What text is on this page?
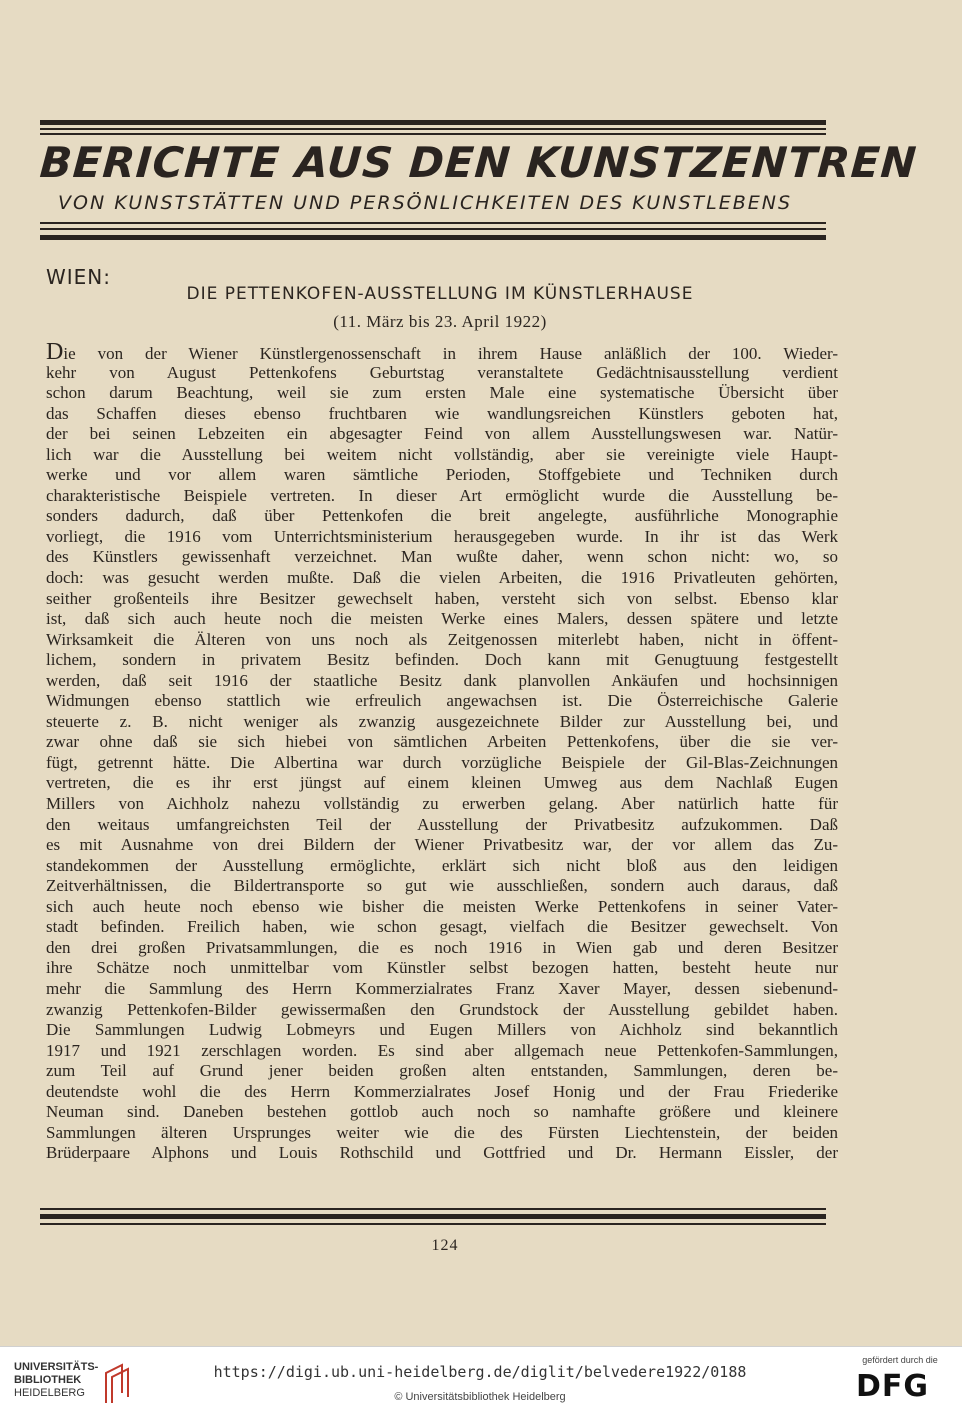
BERICHTE AUS DEN KUNSTZENTREN
VON KUNSTSTÄTTEN UND PERSÖNLICHKEITEN DES KUNSTLEBENS
WIEN:
DIE PETTENKOFEN-AUSSTELLUNG IM KÜNSTLERHAUSE
(11. März bis 23. April 1922)
Die von der Wiener Künstlergenossenschaft in ihrem Hause anläßlich der 100. Wieder-
kehr von August Pettenkofens Geburtstag veranstaltete Gedächtnisausstellung verdient
schon darum Beachtung, weil sie zum ersten Male eine systematische Übersicht über
das Schaffen dieses ebenso fruchtbaren wie wandlungsreichen Künstlers geboten hat,
der bei seinen Lebzeiten ein abgesagter Feind von allem Ausstellungswesen war. Natür-
lich war die Ausstellung bei weitem nicht vollständig, aber sie vereinigte viele Haupt-
werke und vor allem waren sämtliche Perioden, Stoffgebiete und Techniken durch
charakteristische Beispiele vertreten. In dieser Art ermöglicht wurde die Ausstellung be-
sonders dadurch, daß über Pettenkofen die breit angelegte, ausführliche Monographie
vorliegt, die 1916 vom Unterrichtsministerium herausgegeben wurde. In ihr ist das Werk
des Künstlers gewissenhaft verzeichnet. Man wußte daher, wenn schon nicht: wo, so
doch: was gesucht werden mußte. Daß die vielen Arbeiten, die 1916 Privatleuten gehörten,
seither großenteils ihre Besitzer gewechselt haben, versteht sich von selbst. Ebenso klar
ist, daß sich auch heute noch die meisten Werke eines Malers, dessen spätere und letzte
Wirksamkeit die Älteren von uns noch als Zeitgenossen miterlebt haben, nicht in öffent-
lichem, sondern in privatem Besitz befinden. Doch kann mit Genugtuung festgestellt
werden, daß seit 1916 der staatliche Besitz dank planvollen Ankäufen und hochsinnigen
Widmungen ebenso stattlich wie erfreulich angewachsen ist. Die Österreichische Galerie
steuerte z. B. nicht weniger als zwanzig ausgezeichnete Bilder zur Ausstellung bei, und
zwar ohne daß sie sich hiebei von sämtlichen Arbeiten Pettenkofens, über die sie ver-
fügt, getrennt hätte. Die Albertina war durch vorzügliche Beispiele der Gil-Blas-Zeichnungen
vertreten, die es ihr erst jüngst auf einem kleinen Umweg aus dem Nachlaß Eugen
Millers von Aichholz nahezu vollständig zu erwerben gelang. Aber natürlich hatte für
den weitaus umfangreichsten Teil der Ausstellung der Privatbesitz aufzukommen. Daß
es mit Ausnahme von drei Bildern der Wiener Privatbesitz war, der vor allem das Zu-
standekommen der Ausstellung ermöglichte, erklärt sich nicht bloß aus den leidigen
Zeitverhältnissen, die Bildertransporte so gut wie ausschließen, sondern auch daraus, daß
sich auch heute noch ebenso wie bisher die meisten Werke Pettenkofens in seiner Vater-
stadt befinden. Freilich haben, wie schon gesagt, vielfach die Besitzer gewechselt. Von
den drei großen Privatsammlungen, die es noch 1916 in Wien gab und deren Besitzer
ihre Schätze noch unmittelbar vom Künstler selbst bezogen hatten, besteht heute nur
mehr die Sammlung des Herrn Kommerzialrates Franz Xaver Mayer, dessen siebenund-
zwanzig Pettenkofen-Bilder gewissermaßen den Grundstock der Ausstellung gebildet haben.
Die Sammlungen Ludwig Lobmeyrs und Eugen Millers von Aichholz sind bekanntlich
1917 und 1921 zerschlagen worden. Es sind aber allgemach neue Pettenkofen-Sammlungen,
zum Teil auf Grund jener beiden großen alten entstanden, Sammlungen, deren be-
deutendste wohl die des Herrn Kommerzialrates Josef Honig und der Frau Friederike
Neuman sind. Daneben bestehen gottlob auch noch so namhafte größere und kleinere
Sammlungen älteren Ursprunges weiter wie die des Fürsten Liechtenstein, der beiden
Brüderpaare Alphons und Louis Rothschild und Gottfried und Dr. Hermann Eissler, der
124
UNIVERSITÄTS-
BIBLIOTHEK
HEIDELBERG
https://digi.ub.uni-heidelberg.de/diglit/belvedere1922/0188
© Universitätsbibliothek Heidelberg
gefördert durch die
DFG
